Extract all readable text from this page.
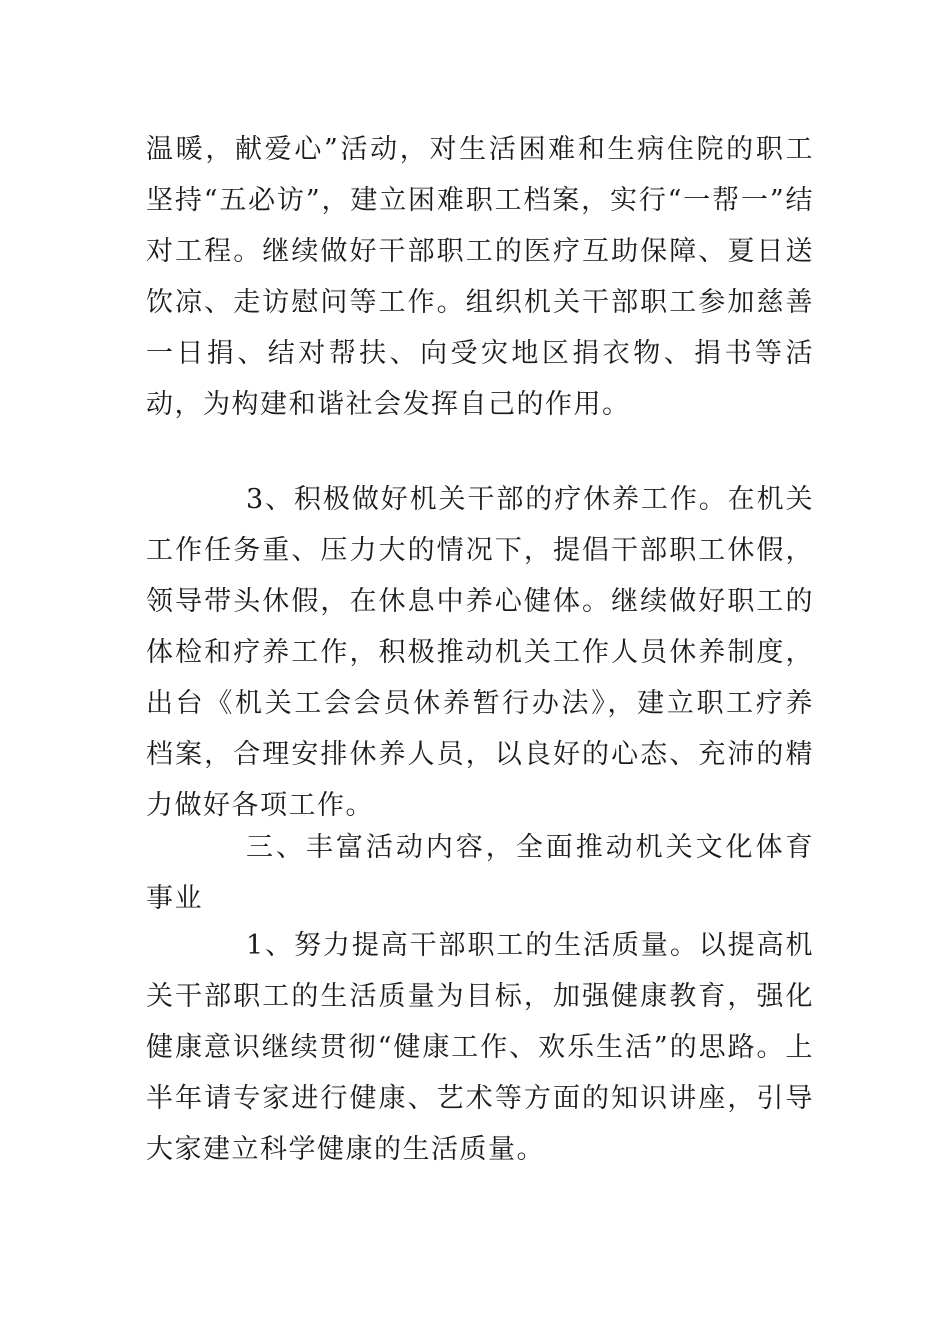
温暖，献爱心”活动，对生活困难和生病住院的职工坚持“五必访”，建立困难职工档案，实行“一帮一”结对工程。继续做好干部职工的医疗互助保障、夏日送饮凉、走访慰问等工作。组织机关干部职工参加慈善一日捐、结对帮扶、向受灾地区捐衣物、捐书等活动，为构建和谐社会发挥自己的作用。

3、积极做好机关干部的疗休养工作。在机关工作任务重、压力大的情况下，提倡干部职工休假，领导带头休假，在休息中养心健体。继续做好职工的体检和疗养工作，积极推动机关工作人员休养制度，出台《机关工会会员休养暂行办法》，建立职工疗养档案，合理安排休养人员，以良好的心态、充沛的精力做好各项工作。

三、丰富活动内容，全面推动机关文化体育事业

1、努力提高干部职工的生活质量。以提高机关干部职工的生活质量为目标，加强健康教育，强化健康意识继续贯彻“健康工作、欢乐生活”的思路。上半年请专家进行健康、艺术等方面的知识讲座，引导大家建立科学健康的生活质量。
